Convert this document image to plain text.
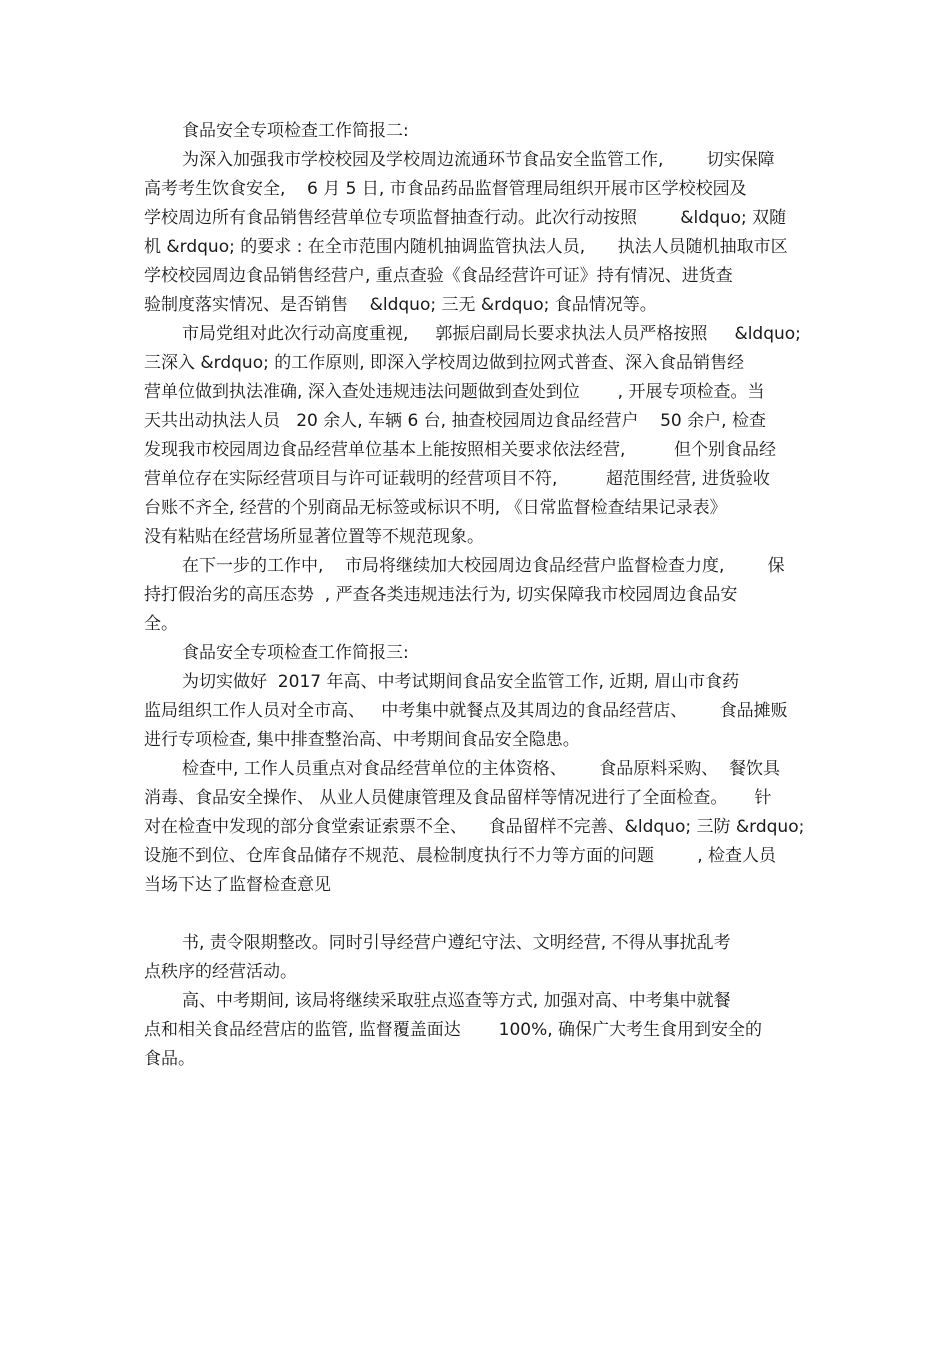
食品安全专项检查工作简报二:
为深入加强我市学校校园及学校周边流通环节食品安全监管工作,        切实保障
高考考生饮食安全,    6 月 5 日, 市食品药品监督管理局组织开展市区学校校园及
学校周边所有食品销售经营单位专项监督抽查行动。此次行动按照        &ldquo; 双随
机 &rdquo; 的要求 : 在全市范围内随机抽调监管执法人员,      执法人员随机抽取市区
学校校园周边食品销售经营户, 重点查验《食品经营许可证》持有情况、进货查
验制度落实情况、是否销售    &ldquo; 三无 &rdquo; 食品情况等。
市局党组对此次行动高度重视,     郭振启副局长要求执法人员严格按照     &ldquo;
三深入 &rdquo; 的工作原则, 即深入学校周边做到拉网式普查、深入食品销售经
营单位做到执法准确, 深入查处违规违法问题做到查处到位       , 开展专项检查。当
天共出动执法人员   20 余人, 车辆 6 台, 抽查校园周边食品经营户    50 余户, 检查
发现我市校园周边食品经营单位基本上能按照相关要求依法经营,         但个别食品经
营单位存在实际经营项目与许可证载明的经营项目不符,         超范围经营, 进货验收
台账不齐全, 经营的个别商品无标签或标识不明, 《日常监督检查结果记录表》
没有粘贴在经营场所显著位置等不规范现象。
在下一步的工作中,    市局将继续加大校园周边食品经营户监督检查力度,        保
持打假治劣的高压态势  , 严查各类违规违法行为, 切实保障我市校园周边食品安
全。
食品安全专项检查工作简报三:
为切实做好  2017 年高、中考试期间食品安全监管工作, 近期, 眉山市食药
监局组织工作人员对全市高、   中考集中就餐点及其周边的食品经营店、      食品摊贩
进行专项检查, 集中排查整治高、中考期间食品安全隐患。
检查中, 工作人员重点对食品经营单位的主体资格、      食品原料采购、  餐饮具
消毒、食品安全操作、 从业人员健康管理及食品留样等情况进行了全面检查。     针
对在检查中发现的部分食堂索证索票不全、    食品留样不完善、&ldquo; 三防 &rdquo;
设施不到位、仓库食品储存不规范、晨检制度执行不力等方面的问题        , 检查人员
当场下达了监督检查意见
书, 责令限期整改。同时引导经营户遵纪守法、文明经营, 不得从事扰乱考
点秩序的经营活动。
高、中考期间, 该局将继续采取驻点巡查等方式, 加强对高、中考集中就餐
点和相关食品经营店的监管, 监督覆盖面达       100%, 确保广大考生食用到安全的
食品。
